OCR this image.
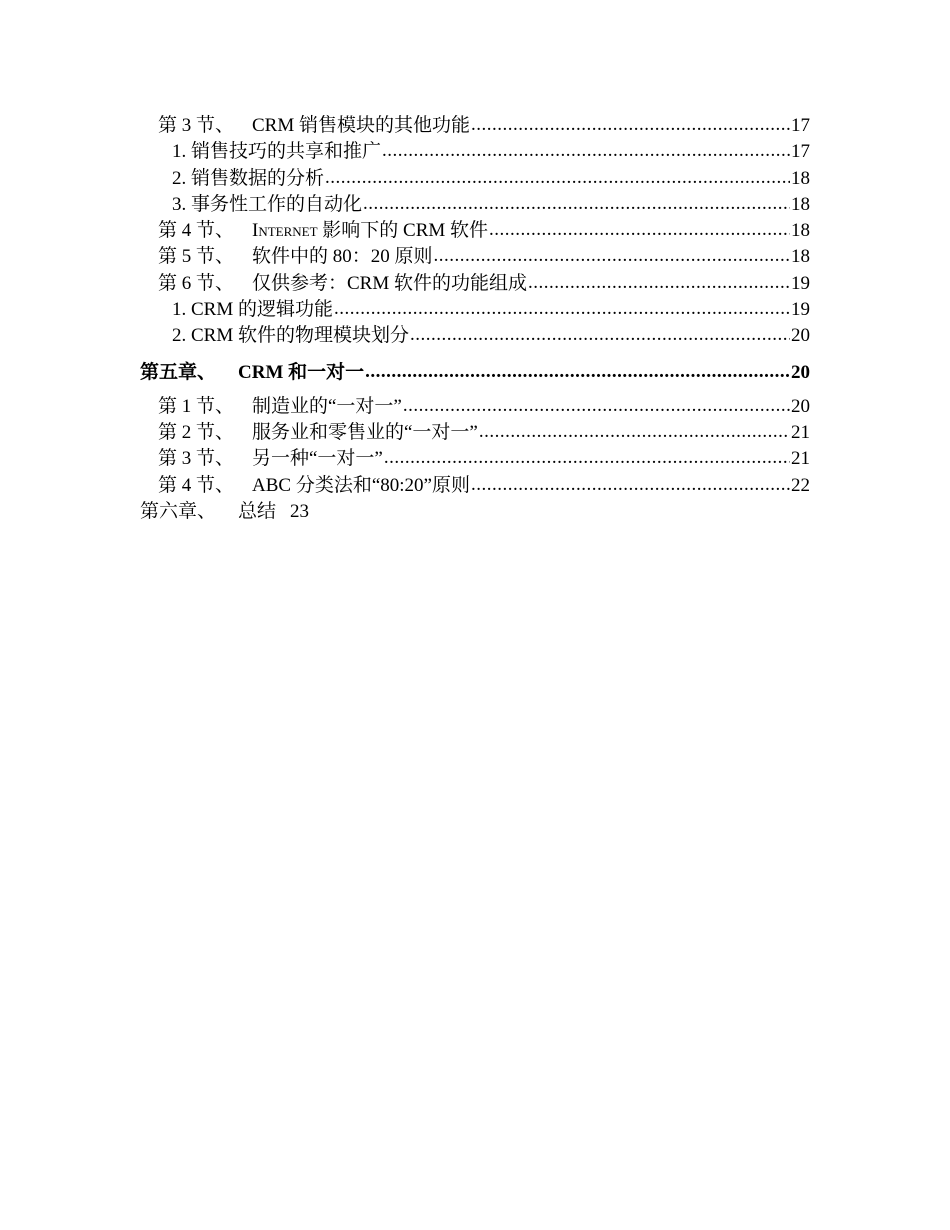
第 3 节、 CRM 销售模块的其他功能 .....	17
1. 销售技巧的共享和推广 .....	17
2. 销售数据的分析 .....	18
3. 事务性工作的自动化 .....	18
第 4 节、 Internet 影响下的 CRM 软件 .....	18
第 5 节、 软件中的 80：20 原则 .....	18
第 6 节、 仅供参考：CRM 软件的功能组成 .....	19
1. CRM 的逻辑功能 .....	19
2. CRM 软件的物理模块划分 .....	20
第五章、	CRM 和一对一 .....	20
第 1 节、 制造业的“一对一” .....	20
第 2 节、 服务业和零售业的“一对一” .....	21
第 3 节、 另一种“一对一” .....	21
第 4 节、 ABC 分类法和“80:20”原则 .....	22
第六章、	总结 23
